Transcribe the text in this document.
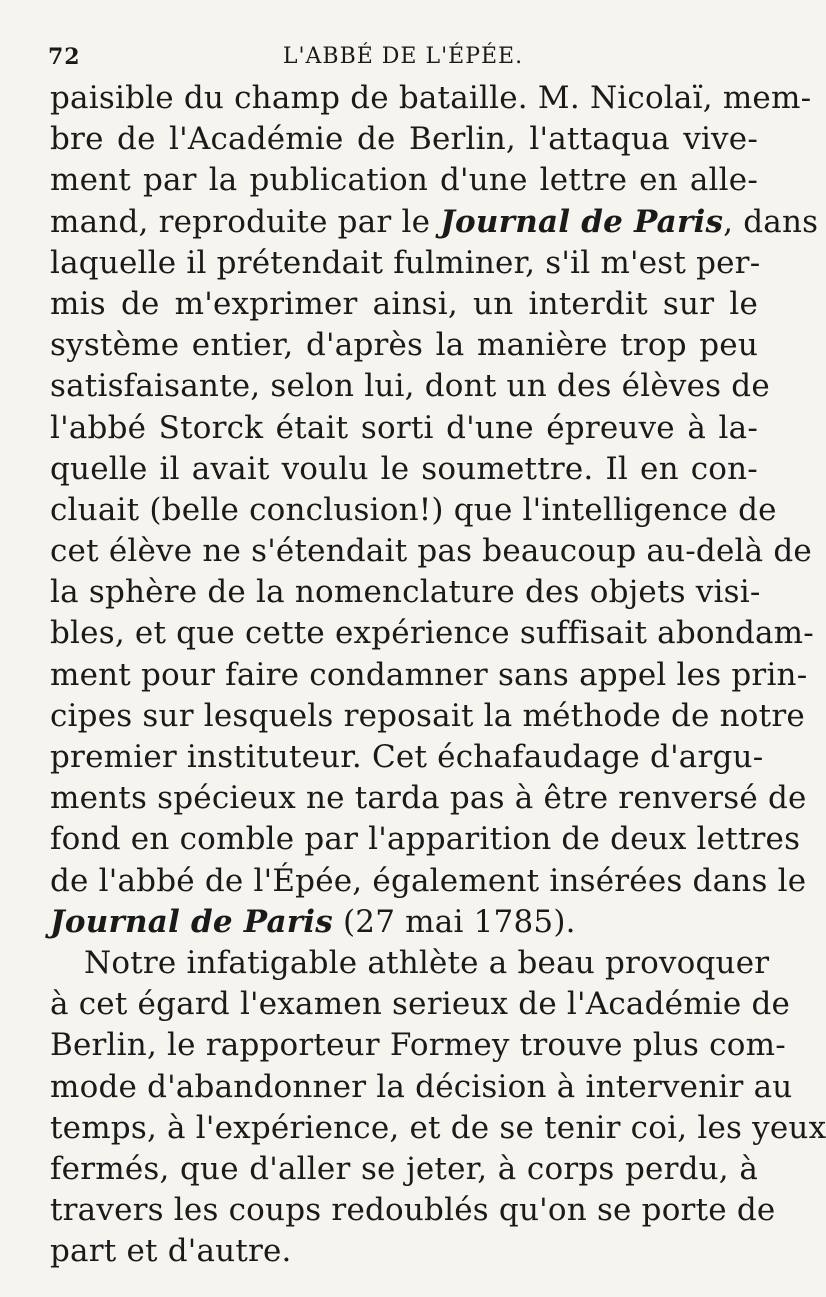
72	L'ABBÉ DE L'ÉPÉE.
paisible du champ de bataille. M. Nicolaï, mem-
bre de l'Académie de Berlin, l'attaqua vive-
ment par la publication d'une lettre en alle-
mand, reproduite par le Journal de Paris, dans
laquelle il prétendait fulminer, s'il m'est per-
mis de m'exprimer ainsi, un interdit sur le
système entier, d'après la manière trop peu
satisfaisante, selon lui, dont un des élèves de
l'abbé Storck était sorti d'une épreuve à la-
quelle il avait voulu le soumettre. Il en con-
cluait (belle conclusion!) que l'intelligence de
cet élève ne s'étendait pas beaucoup au-delà de
la sphère de la nomenclature des objets visi-
bles, et que cette expérience suffisait abondam-
ment pour faire condamner sans appel les prin-
cipes sur lesquels reposait la méthode de notre
premier instituteur. Cet échafaudage d'argu-
ments spécieux ne tarda pas à être renversé de
fond en comble par l'apparition de deux lettres
de l'abbé de l'Épée, également insérées dans le
Journal de Paris (27 mai 1785).
Notre infatigable athlète a beau provoquer
à cet égard l'examen serieux de l'Académie de
Berlin, le rapporteur Formey trouve plus com-
mode d'abandonner la décision à intervenir au
temps, à l'expérience, et de se tenir coi, les yeux
fermés, que d'aller se jeter, à corps perdu, à
travers les coups redoublés qu'on se porte de
part et d'autre.
